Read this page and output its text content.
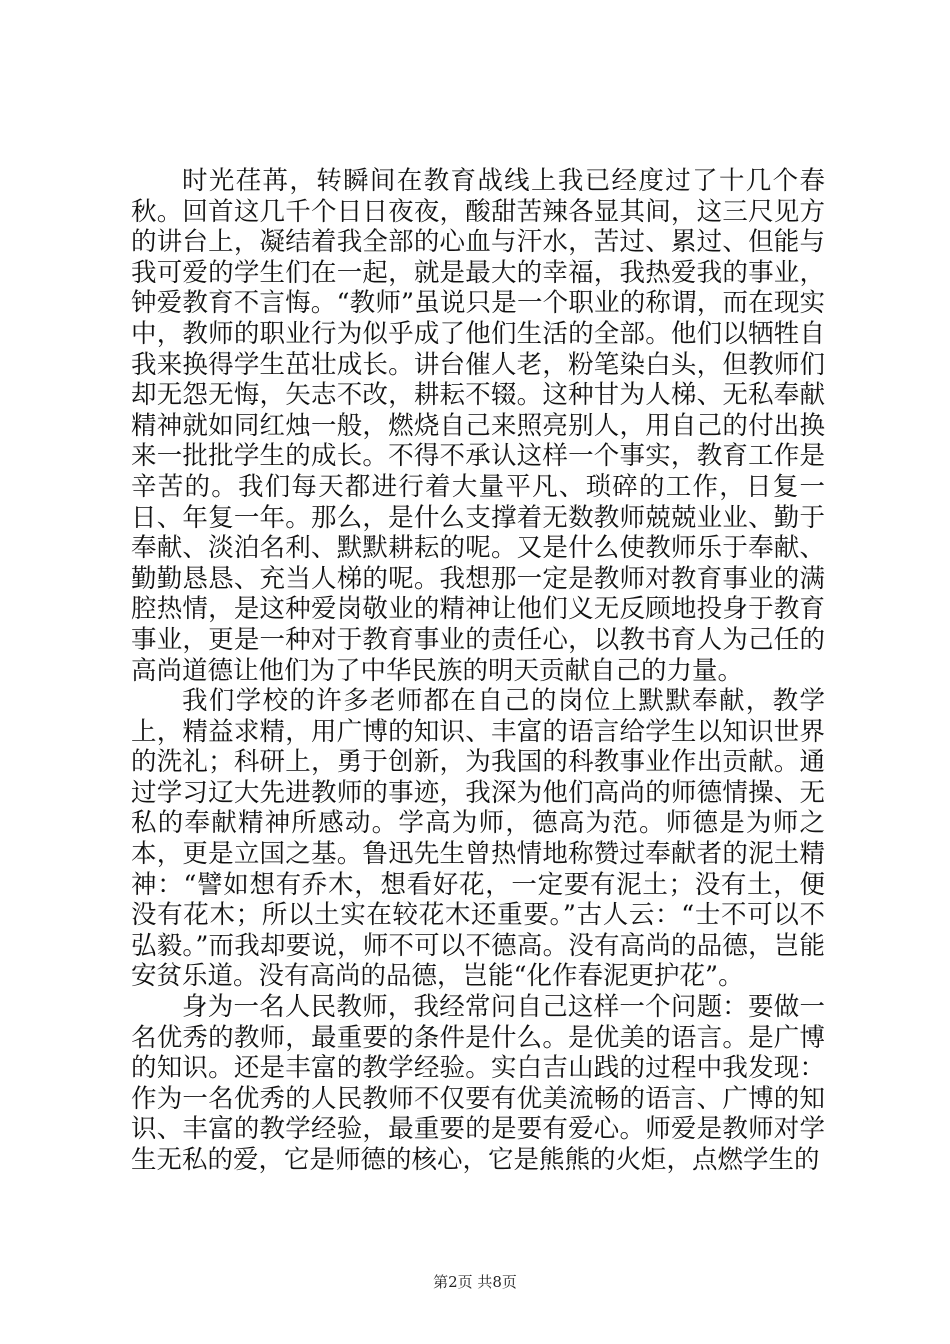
时光荏苒，转瞬间在教育战线上我已经度过了十几个春秋。回首这几千个日日夜夜，酸甜苦辣各显其间，这三尺见方的讲台上，凝结着我全部的心血与汗水，苦过、累过、但能与我可爱的学生们在一起，就是最大的幸福，我热爱我的事业，钟爱教育不言悔。“教师”虽说只是一个职业的称谓，而在现实中，教师的职业行为似乎成了他们生活的全部。他们以牺牲自我来换得学生茁壮成长。讲台催人老，粉笔染白头，但教师们却无怨无悔，矢志不改，耕耘不辍。这种甘为人梯、无私奉献精神就如同红烛一般，燃烧自己来照亮别人，用自己的付出换来一批批学生的成长。不得不承认这样一个事实，教育工作是辛苦的。我们每天都进行着大量平凡、琐碎的工作，日复一日、年复一年。那么，是什么支撑着无数教师兢兢业业、勤于奉献、淡泊名利、默默耕耘的呢。又是什么使教师乐于奉献、勤勤恳恳、充当人梯的呢。我想那一定是教师对教育事业的满腔热情，是这种爱岗敬业的精神让他们义无反顾地投身于教育事业，更是一种对于教育事业的责任心，以教书育人为己任的高尚道德让他们为了中华民族的明天贡献自己的力量。

我们学校的许多老师都在自己的岗位上默默奉献，教学上，精益求精，用广博的知识、丰富的语言给学生以知识世界的洗礼；科研上，勇于创新，为我国的科教事业作出贡献。通过学习辽大先进教师的事迹，我深为他们高尚的师德情操、无私的奉献精神所感动。学高为师，德高为范。师德是为师之本，更是立国之基。鲁迅先生曾热情地称赞过奉献者的泥土精神：“譬如想有乔木，想看好花，一定要有泥土；没有土，便没有花木；所以土实在较花木还重要。”古人云：“士不可以不弘毅。”而我却要说，师不可以不德高。没有高尚的品德，岂能安贫乐道。没有高尚的品德，岂能“化作春泥更护花”。

身为一名人民教师，我经常问自己这样一个问题：要做一名优秀的教师，最重要的条件是什么。是优美的语言。是广博的知识。还是丰富的教学经验。实白吉山践的过程中我发现：作为一名优秀的人民教师不仅要有优美流畅的语言、广博的知识、丰富的教学经验，最重要的是要有爱心。师爱是教师对学生无私的爱，它是师德的核心，它是熊熊的火炬，点燃学生的

第2页 共8页
